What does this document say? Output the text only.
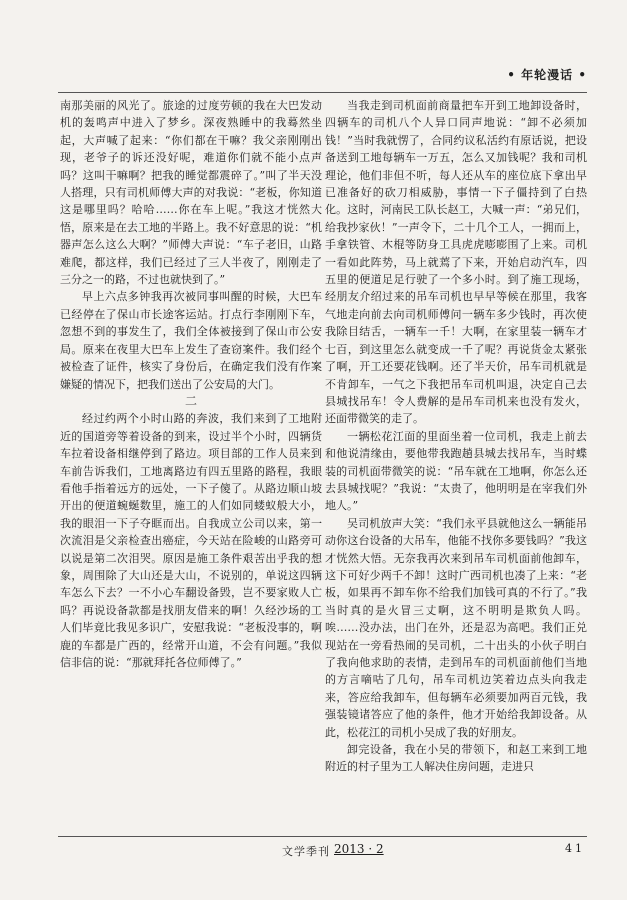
• 年轮漫话 •

南那美丽的风光了。旅途的过度劳顿的我在大巴发动机的轰鸣声中进入了梦乡。深夜熟睡中的我蓦然坐起，大声喊了起来：“你们都在干嘛？我父亲刚刚出现，老爷子的诉还没好呢，难道你们就不能小点声吗？这叫干嘛啊？把我的睡觉都震碎了。”叫了半天没人搭理，只有司机师傅大声的对我说：“老板，你知道这是哪里吗？哈哈……你在车上呢。”我这才恍然大悟，原来是在去工地的半路上。我不好意思的说：“机器声怎么这么大啊？”师傅大声说：“车子老旧，山路难爬，都这样，我们已经过了三人半夜了，刚刚走了三分之一的路，不过也就快到了。”

早上六点多钟我再次被同事叫醒的时候，大巴车已经停在了保山市长途客运站。打点行李刚刚下车，忽想不到的事发生了，我们全体被接到了保山市公安局。原来在夜里大巴车上发生了查窃案件。我们经个被检查了证件，核实了身份后，在确定我们没有作案嫌疑的情况下，把我们送出了公安局的大门。

二

经过约两个小时山路的奔波，我们来到了工地附近的国道旁等着设备的到来，设过半个小时，四辆货车拉着设备相继停到了路边。项目部的工作人员来到车前告诉我们，工地离路边有四五里路的路程，我眼看他手指着远方的远处，一下子傻了。从路边顺山坡开出的便道蜿蜒数里，施工的人们如同蝼蚁般大小，我的眼泪一下子夺眶而出。自我成立公司以来，第一次流泪是父亲检查出癌症，今天站在险峻的山路旁可以说是第二次泪哭。原因是施工条件艰苦出乎我的想象，周围除了大山还是大山，不说别的，单说这四辆车怎么下去？一不小心车翻设备毁，岂不要家败人亡吗？再说设备款都是找朋友借来的啊！久经沙场的工人们毕竟比我见多识广，安慰我说：“老板没事的，啊鹿的车都是广西的，经常开山道，不会有问题。”我似信非信的说：“那就拜托各位师傅了。”

当我走到司机面前商量把车开到工地卸设备时，四辆车的司机八个人异口同声地说：“卸不必须加钱！”当时我就愣了，合同约议私活约有原话说，把设备送到工地每辆车一万五，怎么又加钱呢？我和司机理论，他们非但不听，每人还从车的座位底下拿出早已准备好的砍刀相威胁，事情一下子僵持到了白热化。这时，河南民工队长赵工，大喊一声：“弟兄们，给我抄家伙！”一声令下，二十几个工人，一拥而上，手拿铁管、木棍等防身工具虎虎嘭嘭围了上来。司机一看如此阵势，马上就蔫了下来，开始启动汽车，四五里的便道足足行驶了一个多小时。到了施工现场，经朋友介绍过来的吊车司机也早早等候在那里，我客气地走向前去向司机师傅问一辆车多少钱时，再次使我除目结舌，一辆车一千！大啊，在家里装一辆车才七百，到这里怎么就变成一千了呢？再说货金太紧张了啊，开工还要花钱啊。还了半天价，吊车司机就是不肯卸车，一气之下我把吊车司机叫退，决定自己去县城找吊车！令人费解的是吊车司机来也没有发火，还面带微笑的走了。

一辆松花江面的里面坐着一位司机，我走上前去和他说清缘由，要他带我跑趟县城去找吊车，当时蝶装的司机面带微笑的说：“吊车就在工地啊，你怎么还去县城找呢？”我说：“太贵了，他明明是在宰我们外地人。”

吴司机放声大笑：“我们永平县就他这么一辆能吊动你这台设备的大吊车，他能不找你多要钱吗？”我这才恍然大悟。无奈我再次来到吊车司机面前他卸车，这下可好少两千不卸！这时广西司机也凑了上来：“老板，如果再不卸车你不给我们加钱可真的不行了。”我当时真的是火冒三丈啊，这不明明是欺负人吗。唉……没办法，出门在外，还是忍为高吧。我们正兑现站在一旁看热闹的吴司机，二十出头的小伙子明白了我向他求助的表情，走到吊车的司机面前他们当地的方言嘀咕了几句，吊车司机边笑着边点头向我走来，答应给我卸车，但每辆车必须要加两百元钱，我强装镜诸答应了他的条件，他才开始给我卸设备。从此，松花江的司机小吴成了我的好朋友。

卸完设备，我在小吴的带领下，和赵工来到工地附近的村子里为工人解决住房问题，走进只

文学季刊 2013 · 2	41
